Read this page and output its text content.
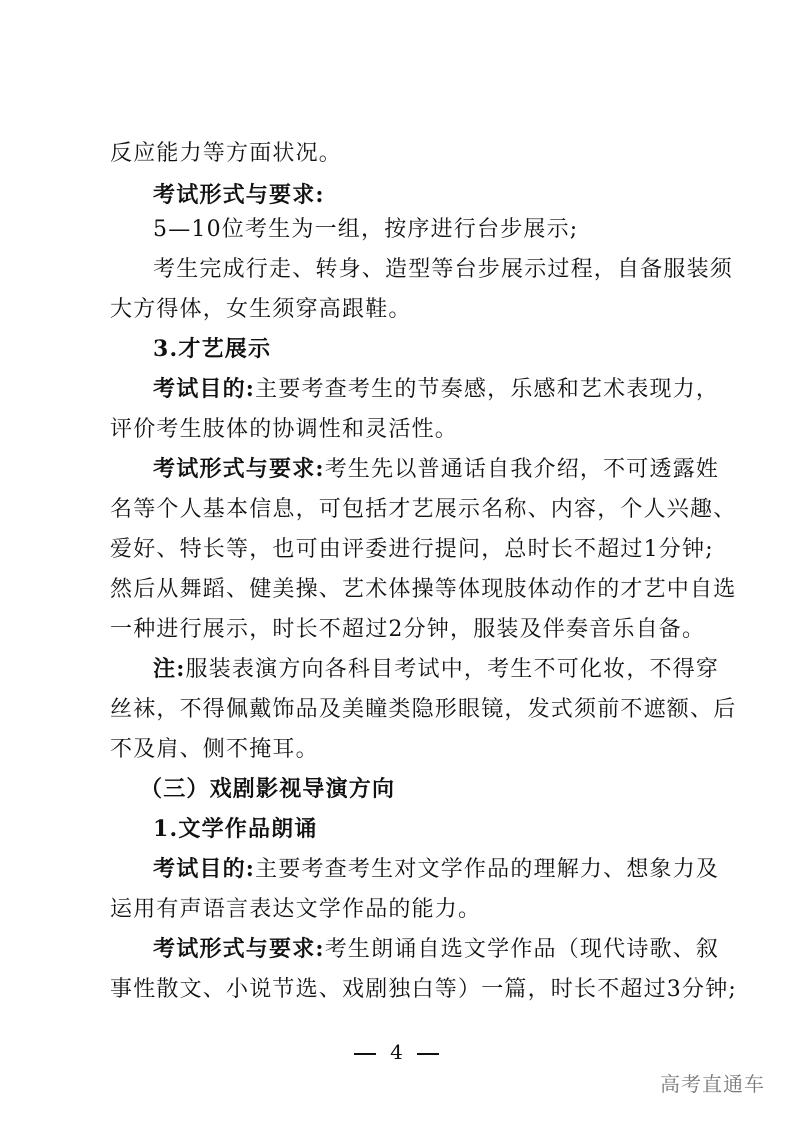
反应能力等方面状况。
考试形式与要求:
5—10位考生为一组，按序进行台步展示;
考生完成行走、转身、造型等台步展示过程，自备服装须
大方得体，女生须穿高跟鞋。
3.才艺展示
考试目的:主要考查考生的节奏感，乐感和艺术表现力，
评价考生肢体的协调性和灵活性。
考试形式与要求:考生先以普通话自我介绍，不可透露姓
名等个人基本信息，可包括才艺展示名称、内容，个人兴趣、
爱好、特长等，也可由评委进行提问，总时长不超过1分钟;
然后从舞蹈、健美操、艺术体操等体现肢体动作的才艺中自选
一种进行展示，时长不超过2分钟，服装及伴奏音乐自备。
注:服装表演方向各科目考试中，考生不可化妆，不得穿
丝袜，不得佩戴饰品及美瞳类隐形眼镜，发式须前不遮额、后
不及肩、侧不掩耳。
（三）戏剧影视导演方向
1.文学作品朗诵
考试目的:主要考查考生对文学作品的理解力、想象力及
运用有声语言表达文学作品的能力。
考试形式与要求:考生朗诵自选文学作品（现代诗歌、叙
事性散文、小说节选、戏剧独白等）一篇，时长不超过3分钟;
4
高考直通车
